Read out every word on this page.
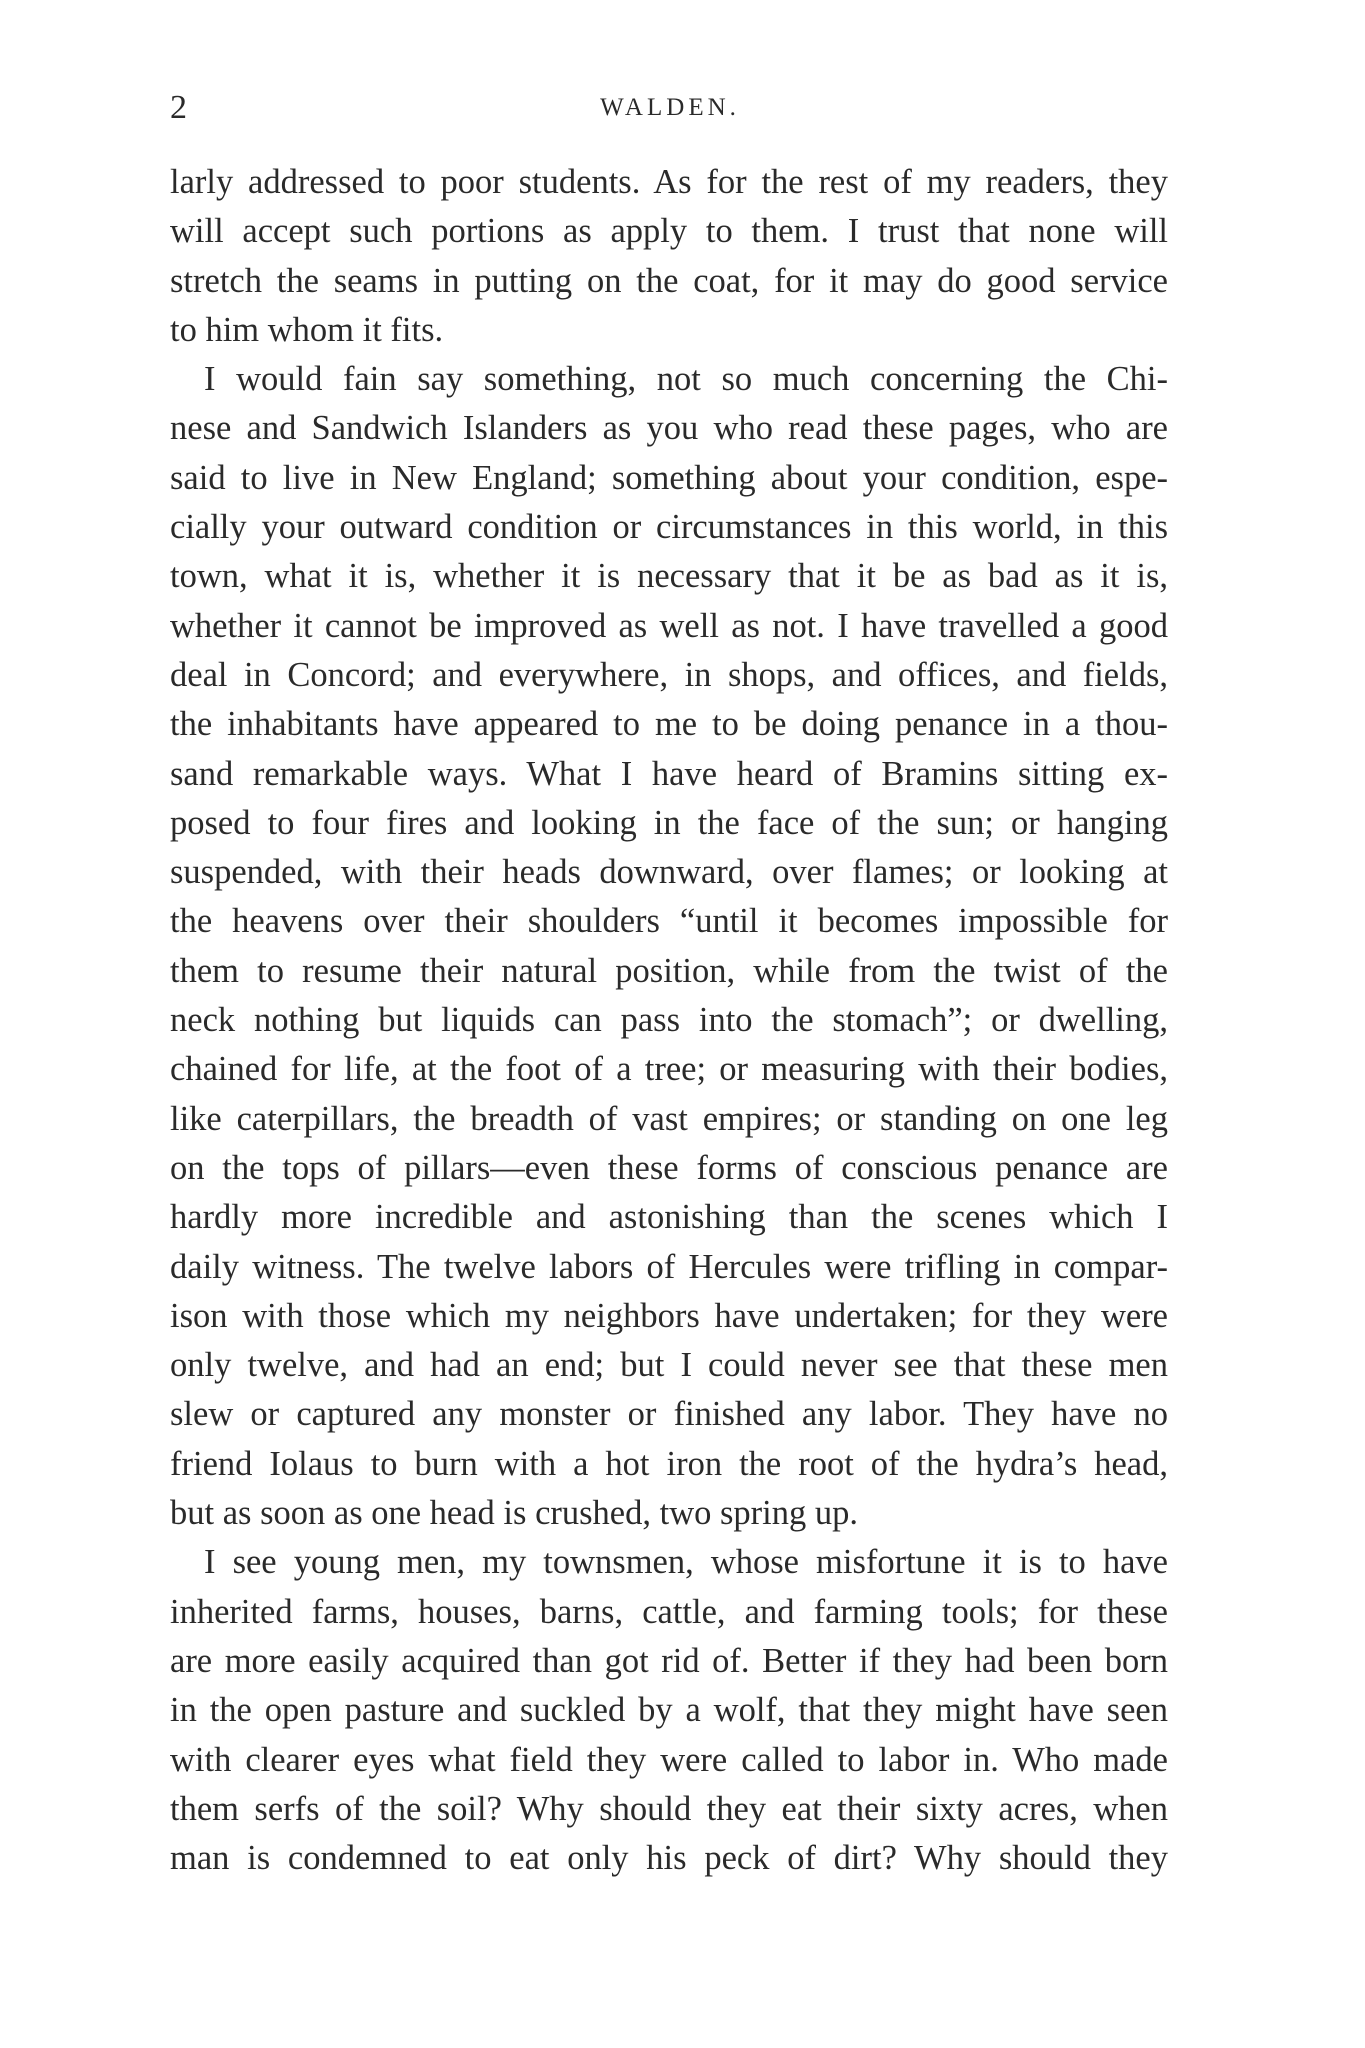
2	WALDEN.
larly addressed to poor students. As for the rest of my readers, they
will accept such portions as apply to them. I trust that none will
stretch the seams in putting on the coat, for it may do good service
to him whom it fits.
I would fain say something, not so much concerning the Chi-
nese and Sandwich Islanders as you who read these pages, who are
said to live in New England; something about your condition, espe-
cially your outward condition or circumstances in this world, in this
town, what it is, whether it is necessary that it be as bad as it is,
whether it cannot be improved as well as not. I have travelled a good
deal in Concord; and everywhere, in shops, and offices, and fields,
the inhabitants have appeared to me to be doing penance in a thou-
sand remarkable ways. What I have heard of Bramins sitting ex-
posed to four fires and looking in the face of the sun; or hanging
suspended, with their heads downward, over flames; or looking at
the heavens over their shoulders “until it becomes impossible for
them to resume their natural position, while from the twist of the
neck nothing but liquids can pass into the stomach”; or dwelling,
chained for life, at the foot of a tree; or measuring with their bodies,
like caterpillars, the breadth of vast empires; or standing on one leg
on the tops of pillars—even these forms of conscious penance are
hardly more incredible and astonishing than the scenes which I
daily witness. The twelve labors of Hercules were trifling in compar-
ison with those which my neighbors have undertaken; for they were
only twelve, and had an end; but I could never see that these men
slew or captured any monster or finished any labor. They have no
friend Iolaus to burn with a hot iron the root of the hydra’s head,
but as soon as one head is crushed, two spring up.
I see young men, my townsmen, whose misfortune it is to have
inherited farms, houses, barns, cattle, and farming tools; for these
are more easily acquired than got rid of. Better if they had been born
in the open pasture and suckled by a wolf, that they might have seen
with clearer eyes what field they were called to labor in. Who made
them serfs of the soil? Why should they eat their sixty acres, when
man is condemned to eat only his peck of dirt? Why should they
